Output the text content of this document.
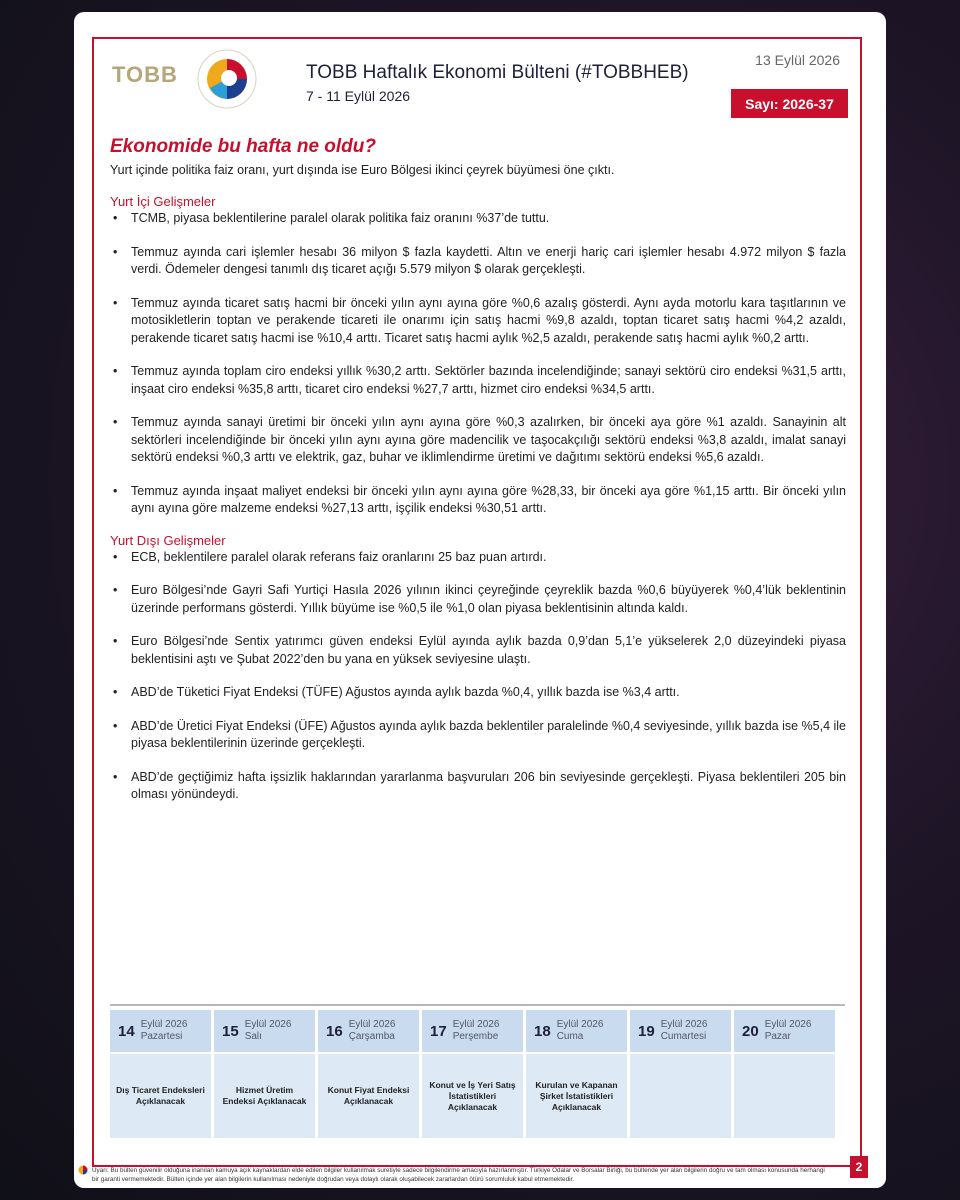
TOBB	TOBB Haftalık Ekonomi Bülteni (#TOBBHEB)
7 - 11 Eylül 2026
13 Eylül 2026
Sayı: 2026-37
Ekonomide bu hafta ne oldu?

Yurt içinde politika faiz oranı, yurt dışında ise Euro Bölgesi ikinci çeyrek büyümesi öne çıktı.

Yurt İçi Gelişmeler

• TCMB, piyasa beklentilerine paralel olarak politika faiz oranını %37’de tuttu.
• Temmuz ayında cari işlemler hesabı 36 milyon $ fazla kaydetti. Altın ve enerji hariç cari işlemler hesabı 4.972 milyon $ fazla verdi. Ödemeler dengesi tanımlı dış ticaret açığı 5.579 milyon $ olarak gerçekleşti.
• Temmuz ayında ticaret satış hacmi bir önceki yılın aynı ayına göre %0,6 azalış gösterdi. Aynı ayda motorlu kara taşıtlarının ve motosikletlerin toptan ve perakende ticareti ile onarımı için satış hacmi %9,8 azaldı, toptan ticaret satış hacmi %4,2 azaldı, perakende ticaret satış hacmi ise %10,4 arttı. Ticaret satış hacmi aylık %2,5 azaldı, perakende satış hacmi aylık %0,2 arttı.
• Temmuz ayında toplam ciro endeksi yıllık %30,2 arttı. Sektörler bazında incelendiğinde; sanayi sektörü ciro endeksi %31,5 arttı, inşaat ciro endeksi %35,8 arttı, ticaret ciro endeksi %27,7 arttı, hizmet ciro endeksi %34,5 arttı.
• Temmuz ayında sanayi üretimi bir önceki yılın aynı ayına göre %0,3 azalırken, bir önceki aya göre %1 azaldı. Sanayinin alt sektörleri incelendiğinde bir önceki yılın aynı ayına göre madencilik ve taşocakçılığı sektörü endeksi %3,8 azaldı, imalat sanayi sektörü endeksi %0,3 arttı ve elektrik, gaz, buhar ve iklimlendirme üretimi ve dağıtımı sektörü endeksi %5,6 azaldı.
• Temmuz ayında inşaat maliyet endeksi bir önceki yılın aynı ayına göre %28,33, bir önceki aya göre %1,15 arttı. Bir önceki yılın aynı ayına göre malzeme endeksi %27,13 arttı, işçilik endeksi %30,51 arttı.

Yurt Dışı Gelişmeler

• ECB, beklentilere paralel olarak referans faiz oranlarını 25 baz puan artırdı.
• Euro Bölgesi’nde Gayri Safi Yurtiçi Hasıla 2026 yılının ikinci çeyreğinde çeyreklik bazda %0,6 büyüyerek %0,4’lük beklentinin üzerinde performans gösterdi. Yıllık büyüme ise %0,5 ile %1,0 olan piyasa beklentisinin altında kaldı.
• Euro Bölgesi’nde Sentix yatırımcı güven endeksi Eylül ayında aylık bazda 0,9’dan 5,1’e yükselerek 2,0 düzeyindeki piyasa beklentisini aştı ve Şubat 2022’den bu yana en yüksek seviyesine ulaştı.
• ABD’de Tüketici Fiyat Endeksi (TÜFE) Ağustos ayında aylık bazda %0,4, yıllık bazda ise %3,4 arttı.
• ABD’de Üretici Fiyat Endeksi (ÜFE) Ağustos ayında aylık bazda beklentiler paralelinde %0,4 seviyesinde, yıllık bazda ise %5,4 ile piyasa beklentilerinin üzerinde gerçekleşti.
• ABD’de geçtiğimiz hafta işsizlik haklarından yararlanma başvuruları 206 bin seviyesinde gerçekleşti. Piyasa beklentileri 205 bin olması yönündeydi.
14 Eylül 2026
Pazartesi
Dış Ticaret Endeksleri Açıklanacak
15 Eylül 2026
Salı
Hizmet Üretim Endeksi Açıklanacak
16 Eylül 2026
Çarşamba
Konut Fiyat Endeksi Açıklanacak
17 Eylül 2026
Perşembe
Konut ve İş Yeri Satış İstatistikleri Açıklanacak
18 Eylül 2026
Cuma
Kurulan ve Kapanan Şirket İstatistikleri Açıklanacak
19 Eylül 2026
Cumartesi 20 Eylül 2026
Pazar
Uyarı: Bu bülten güvenilir olduğuna inanılan kamuya açık kaynaklardan elde edilen bilgiler kullanılmak suretiyle sadece bilgilendirme amacıyla hazırlanmıştır. Türkiye Odalar ve Borsalar Birliği, bu bültende yer alan bilgilerin doğru ve tam olması konusunda herhangi bir garanti vermemektedir. Bülten içinde yer alan bilgilerin kullanılması nedeniyle doğrudan veya dolaylı olarak oluşabilecek zararlardan ötürü sorumluluk kabul etmemektedir.
2
